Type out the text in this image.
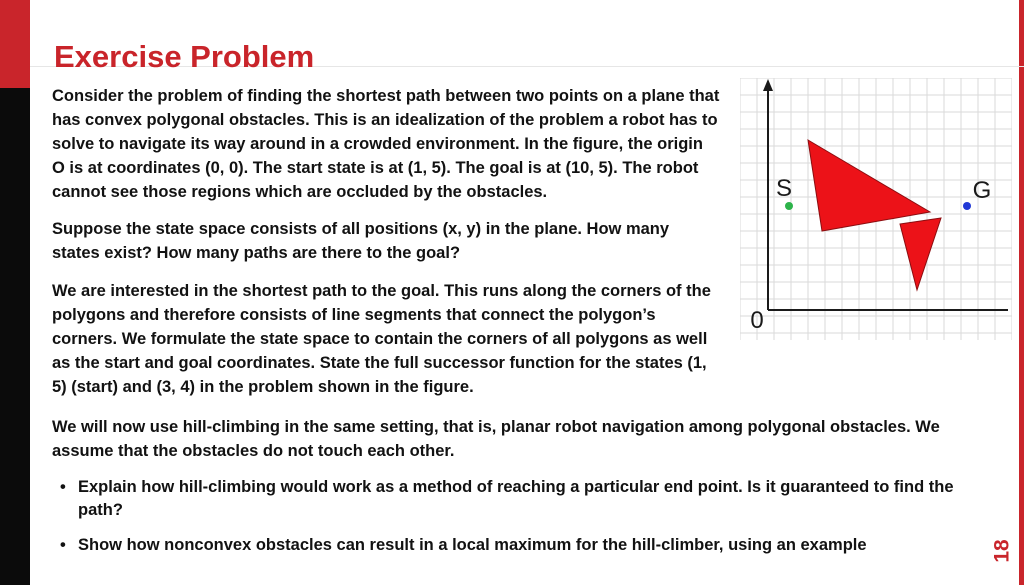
Exercise Problem

Consider the problem of finding the shortest path between two points on a plane that has convex polygonal obstacles. This is an idealization of the problem a robot has to solve to navigate its way around in a crowded environment. In the figure, the origin O is at coordinates (0, 0). The start state is at (1, 5). The goal is at (10, 5). The robot cannot see those regions which are occluded by the obstacles.

Suppose the state space consists of all positions (x, y) in the plane. How many states exist? How many paths are there to the goal?

We are interested in the shortest path to the goal. This runs along the corners of the polygons and therefore consists of line segments that connect the polygon’s corners. We formulate the state space to contain the corners of all polygons as well as the start and goal coordinates. State the full successor function for the states (1, 5) (start) and (3, 4) in the problem shown in the figure.

We will now use hill-climbing in the same setting, that is, planar robot navigation among polygonal obstacles. We assume that the obstacles do not touch each other.

• Explain how hill-climbing would work as a method of reaching a particular end point. Is it guaranteed to find the path?
• Show how nonconvex obstacles can result in a local maximum for the hill-climber, using an example
S	G
0
18
